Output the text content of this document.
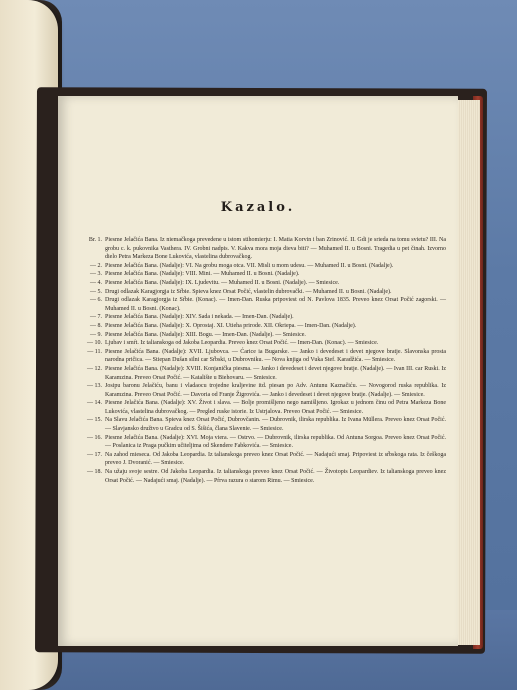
Kazalo.
Br. 1. Piesme Jelačića Bana. Iz niemačkoga prevedene u istom stihomierju: I. Matia Korvin i ban Zrinović. II. Gdi je srieda na tomu svietu? III. Na grobu c. k. pukovnika Vasthera. IV. Grobni nadpis. V. Kakva mora moja dieva biti? — Muhamed II. u Bosni. Tragedia u pet činah. Izvorno dielo Petra Markeza Bone Lukovića, vlastelina dubrovačkog.
— 2. Piesme Jelačića Bana. (Nadalje): VI. Na grobu moga otca. VII. Misli u mom udesu. — Muhamed II. u Bosni. (Nadalje).
— 3. Piesme Jelačića Bana. (Nadalje): VIII. Mini. — Muhamed II. u Bosni. (Nadalje).
— 4. Piesme Jelačića Bana. (Nadalje): IX. Ljudevitu. — Muhamed II. u Bosni. (Nadalje). — Smiesice.
— 5. Drugi odlazak Karagjorgja iz Sŕbie. Spieva knez Orsat Počić, vlastelin dubrovački. — Muhamed II. u Bosni. (Nadalje).
— 6. Drugi odlazak Karagjorgja iz Sŕbie. (Konac). — Imen-Dan. Ruska pripoviest od N. Pavlova 1835. Preveo knez Orsat Počić zagorski. — Muhamed II. u Bosni. (Konac).
— 7. Piesme Jelačića Bana. (Nadalje): XIV. Sada i nekada. — Imen-Dan. (Nadalje).
— 8. Piesme Jelačića Bana. (Nadalje): X. Oprostaj. XI. Utieha prirode. XII. Okriepa. — Imen-Dan. (Nadalje).
— 9. Piesme Jelačića Bana. (Nadalje): XIII. Bogu. — Imen-Dan. (Nadalje). — Smiesice.
— 10. Ljubav i smŕt. Iz talianskoga od Jakoba Leopardia. Preveo knez Orsat Počić. — Imen-Dan. (Konac). — Smiesice.
— 11. Piesme Jelačića Bana. (Nadalje): XVII. Ljubovca. — Ćarice ia Bugarske. — Janko i devedeset i devet njegove bratje. Slavonska prosta narodna pričica. — Stiepan Dušan silni car Sŕbski, u Dubrovniku. — Nova knjiga od Vuka Stef. Karadžića. — Smiesice.
— 12. Piesme Jelačića Bana. (Nadalje): XVIII. Konjanička piesma. — Janko i devedeset i devet njegove bratje. (Nadalje). — Ivan III. car Ruski. Iz Karamzina. Preveo Orsat Počić. — Katalište u Biehovaru. — Smiesice.
— 13. Josipu baronu Jelačiću, banu i vladaocu trojedne kraljevine itd. piesan po Adv. Antunu Kaznačiću. — Novogorod ruska republika. Iz Karamzina. Preveo Orsat Počić. — Davoria od Franje Žigrovića. — Janko i devedeset i devet njegove bratje. (Nadalje). — Smiesice.
— 14. Piesme Jelačića Bana. (Nadalje): XV. Život i slava. — Bolje promišljeno nego namišljeno. Igrokaz u jednom činu od Petra Markeza Bone Lukovića, vlastelina dubrovačkog. — Pregled ruske istorie. Iz Ustrjalova. Preveo Orsat Počić. — Smiesice.
— 15. Na Slavu Jelačića Bana. Spieva knez Orsat Počić, Dubrovčanin. — Dubrovnik, ilirska republika. Iz Ivana Müllera. Preveo knez Orsat Počić. — Slavjansko družtvo u Gradcu od S. Šišića, člana Slavenie. — Smiesice.
— 16. Piesme Jelačića Bana. (Nadalje): XVI. Moja viera. — Ostrvo. — Dubrovnik, ilirska republika. Od Antuna Sorgoa. Preveo knez Orsat Počić. — Poslanica iz Praga pučkim učiteljima od Skendere Fabkovića. — Smiesice.
— 17. Na zahod miesecа. Od Jakoba Leopardia. Iz talianskoga preveo knez Orsat Počić. — Nadajući smaj. Pripoviest iz sŕbskoga rata. Iz češkoga preveo J. Dvoranić. — Smiesice.
— 18. Na užaju svoje sestre. Od Jakoba Leopardia. Iz talianskoga preveo knez Orsat Počić. — Životopis Leopardiev. Iz talianskoga preveo knez Orsat Počić. — Nadajući smaj. (Nadalje). — Pŕrva razura o starom Rimu. — Smiesice.
